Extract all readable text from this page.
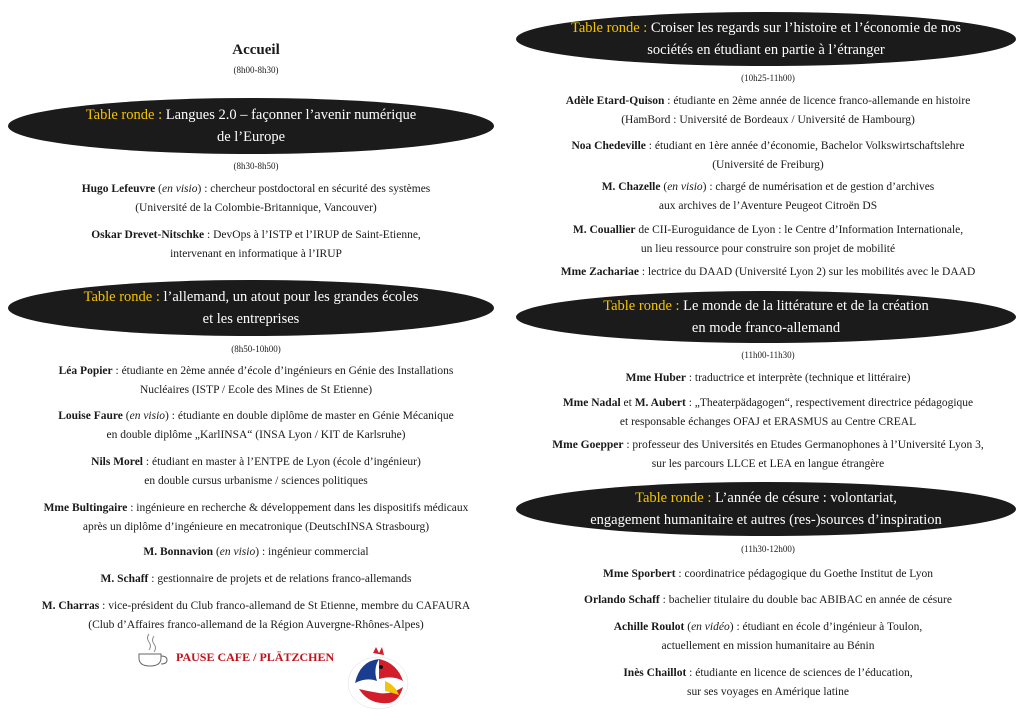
Accueil
(8h00-8h30)
Table ronde : Langues 2.0 – façonner l’avenir numérique
de l’Europe
(8h30-8h50)
Hugo Lefeuvre (en visio) : chercheur postdoctoral en sécurité des systèmes
(Université de la Colombie-Britannique, Vancouver)
Oskar Drevet-Nitschke : DevOps à l’ISTP et l’IRUP de Saint-Etienne,
intervenant en informatique à l’IRUP
Table ronde : l’allemand, un atout pour les grandes écoles
et les entreprises
(8h50-10h00)
Léa Popier : étudiante en 2ème année d’école d’ingénieurs en Génie des Installations
Nucléaires (ISTP / Ecole des Mines de St Etienne)
Louise Faure (en visio) : étudiante en double diplôme de master en Génie Mécanique
en double diplôme „KarlINSA“ (INSA Lyon / KIT de Karlsruhe)
Nils Morel : étudiant en master à l’ENTPE de Lyon (école d’ingénieur)
en double cursus urbanisme / sciences politiques
Mme Bultingaire : ingénieure en recherche & développement dans les dispositifs médicaux
après un diplôme d’ingénieure en mecatronique (DeutschINSA Strasbourg)
M. Bonnavion (en visio) : ingénieur commercial
M. Schaff : gestionnaire de projets et de relations franco-allemands
M. Charras : vice-président du Club franco-allemand de St Etienne, membre du CAFAURA
(Club d’Affaires franco-allemand de la Région Auvergne-Rhônes-Alpes)
PAUSE CAFE / PLÄTZCHEN
Table ronde : Croiser les regards sur l’histoire et l’économie de nos
sociétés en étudiant en partie à l’étranger
(10h25-11h00)
Adèle Etard-Quison : étudiante en 2ème année de licence franco-allemande en histoire
(HamBord : Université de Bordeaux / Université de Hambourg)
Noa Chedeville : étudiant en 1ère année d’économie, Bachelor Volkswirtschaftslehre
(Université de Freiburg)
M. Chazelle (en visio) : chargé de numérisation et de gestion d’archives
aux archives de l’Aventure Peugeot Citroën DS
M. Couallier de CII-Euroguidance de Lyon : le Centre d’Information Internationale,
un lieu ressource pour construire son projet de mobilité
Mme Zachariae : lectrice du DAAD (Université Lyon 2) sur les mobilités avec le DAAD
Table ronde : Le monde de la littérature et de la création
en mode franco-allemand
(11h00-11h30)
Mme Huber : traductrice et interprète (technique et littéraire)
Mme Nadal et M. Aubert : „Theaterpädagogen“, respectivement directrice pédagogique
et responsable échanges OFAJ et ERASMUS au Centre CREAL
Mme Goepper : professeur des Universités en Etudes Germanophones à l’Université Lyon 3,
sur les parcours LLCE et LEA en langue étrangère
Table ronde : L’année de césure : volontariat,
engagement humanitaire et autres (res-)sources d’inspiration
(11h30-12h00)
Mme Sporbert : coordinatrice pédagogique du Goethe Institut de Lyon
Orlando Schaff : bachelier titulaire du double bac ABIBAC en année de césure
Achille Roulot (en vidéo) : étudiant en école d’ingénieur à Toulon,
actuellement en mission humanitaire au Bénin
Inès Chaillot : étudiante en licence de sciences de l’éducation,
sur ses voyages en Amérique latine
